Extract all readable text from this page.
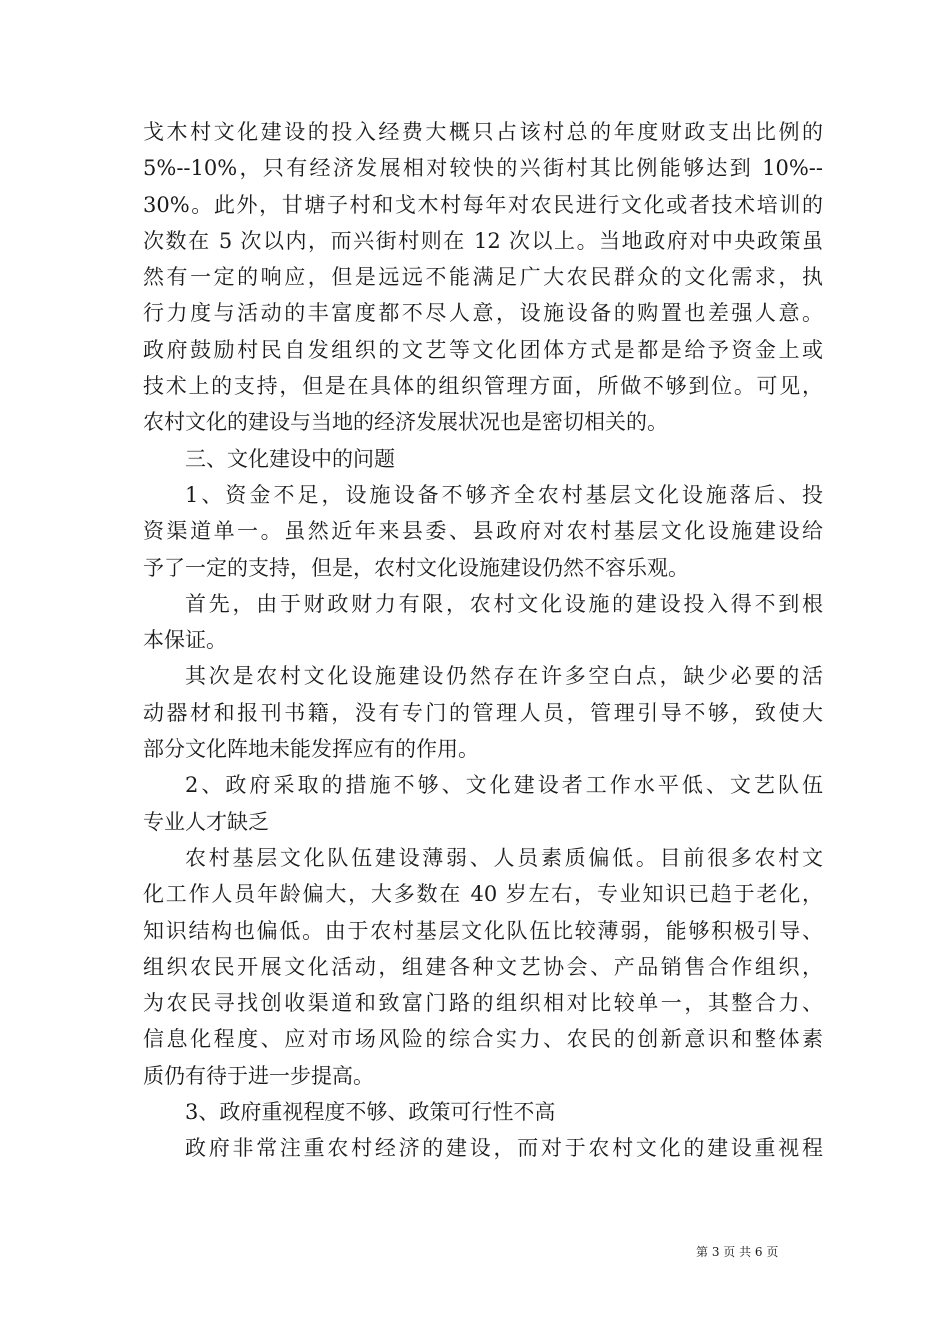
戈木村文化建设的投入经费大概只占该村总的年度财政支出比例的
5%--10%，只有经济发展相对较快的兴街村其比例能够达到 10%--
30%。此外，甘塘子村和戈木村每年对农民进行文化或者技术培训的
次数在 5 次以内，而兴街村则在 12 次以上。当地政府对中央政策虽
然有一定的响应，但是远远不能满足广大农民群众的文化需求，执
行力度与活动的丰富度都不尽人意，设施设备的购置也差强人意。
政府鼓励村民自发组织的文艺等文化团体方式是都是给予资金上或
技术上的支持，但是在具体的组织管理方面，所做不够到位。可见，
农村文化的建设与当地的经济发展状况也是密切相关的。
三、文化建设中的问题
1、资金不足，设施设备不够齐全农村基层文化设施落后、投
资渠道单一。虽然近年来县委、县政府对农村基层文化设施建设给
予了一定的支持，但是，农村文化设施建设仍然不容乐观。
首先，由于财政财力有限，农村文化设施的建设投入得不到根
本保证。
其次是农村文化设施建设仍然存在许多空白点，缺少必要的活
动器材和报刊书籍，没有专门的管理人员，管理引导不够，致使大
部分文化阵地未能发挥应有的作用。
2、政府采取的措施不够、文化建设者工作水平低、文艺队伍
专业人才缺乏
农村基层文化队伍建设薄弱、人员素质偏低。目前很多农村文
化工作人员年龄偏大，大多数在 40 岁左右，专业知识已趋于老化，
知识结构也偏低。由于农村基层文化队伍比较薄弱，能够积极引导、
组织农民开展文化活动，组建各种文艺协会、产品销售合作组织，
为农民寻找创收渠道和致富门路的组织相对比较单一，其整合力、
信息化程度、应对市场风险的综合实力、农民的创新意识和整体素
质仍有待于进一步提高。
3、政府重视程度不够、政策可行性不高
政府非常注重农村经济的建设，而对于农村文化的建设重视程
第 3 页 共 6 页
